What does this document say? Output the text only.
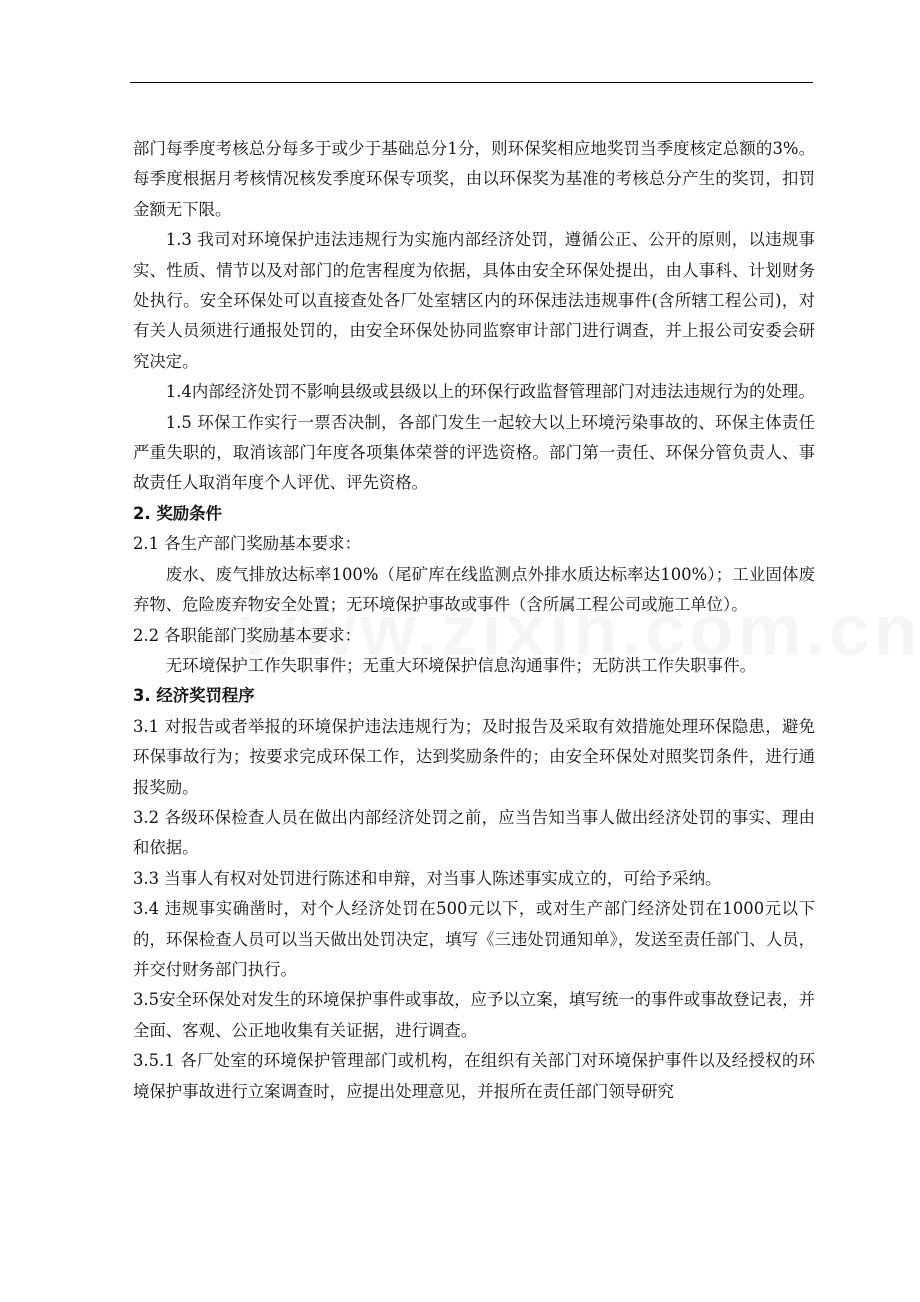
部门每季度考核总分每多于或少于基础总分1分，则环保奖相应地奖罚当季度核定总额的3%。每季度根据月考核情况核发季度环保专项奖，由以环保奖为基准的考核总分产生的奖罚，扣罚金额无下限。

1.3 我司对环境保护违法违规行为实施内部经济处罚，遵循公正、公开的原则，以违规事实、性质、情节以及对部门的危害程度为依据，具体由安全环保处提出，由人事科、计划财务处执行。安全环保处可以直接查处各厂处室辖区内的环保违法违规事件(含所辖工程公司)，对有关人员须进行通报处罚的，由安全环保处协同监察审计部门进行调查，并上报公司安委会研究决定。

1.4内部经济处罚不影响县级或县级以上的环保行政监督管理部门对违法违规行为的处理。

1.5 环保工作实行一票否决制，各部门发生一起较大以上环境污染事故的、环保主体责任严重失职的，取消该部门年度各项集体荣誉的评选资格。部门第一责任、环保分管负责人、事故责任人取消年度个人评优、评先资格。

2. 奖励条件

2.1 各生产部门奖励基本要求：

废水、废气排放达标率100%（尾矿库在线监测点外排水质达标率达100%）；工业固体废弃物、危险废弃物安全处置；无环境保护事故或事件（含所属工程公司或施工单位）。

2.2 各职能部门奖励基本要求：

无环境保护工作失职事件；无重大环境保护信息沟通事件；无防洪工作失职事件。

3. 经济奖罚程序

3.1 对报告或者举报的环境保护违法违规行为；及时报告及采取有效措施处理环保隐患，避免环保事故行为；按要求完成环保工作，达到奖励条件的；由安全环保处对照奖罚条件，进行通报奖励。

3.2 各级环保检查人员在做出内部经济处罚之前，应当告知当事人做出经济处罚的事实、理由和依据。

3.3 当事人有权对处罚进行陈述和申辩，对当事人陈述事实成立的，可给予采纳。

3.4 违规事实确凿时，对个人经济处罚在500元以下，或对生产部门经济处罚在1000元以下的，环保检查人员可以当天做出处罚决定，填写《三违处罚通知单》，发送至责任部门、人员，并交付财务部门执行。

3.5安全环保处对发生的环境保护事件或事故，应予以立案，填写统一的事件或事故登记表，并全面、客观、公正地收集有关证据，进行调查。

3.5.1 各厂处室的环境保护管理部门或机构，在组织有关部门对环境保护事件以及经授权的环境保护事故进行立案调查时，应提出处理意见，并报所在责任部门领导研究
